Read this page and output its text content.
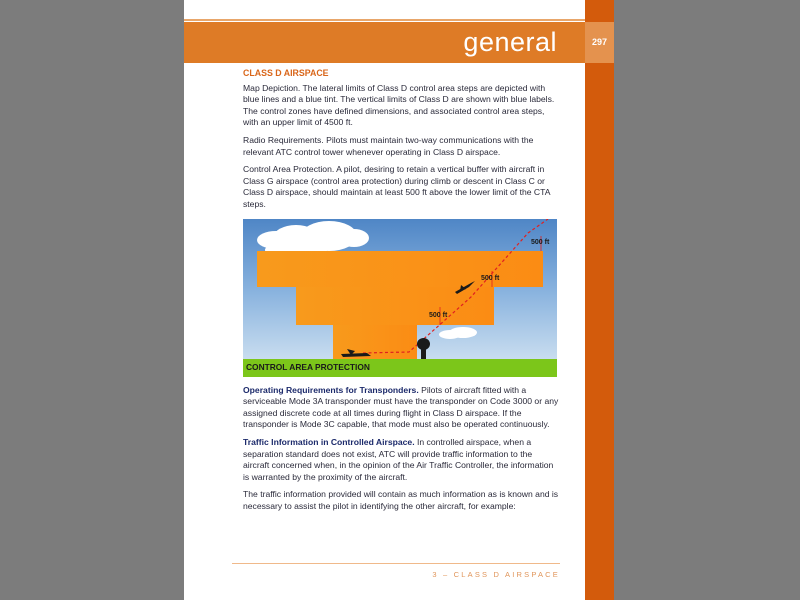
general	297
CLASS D AIRSPACE

Map Depiction. The lateral limits of Class D control area steps are depicted with blue lines and a blue tint. The vertical limits of Class D are shown with blue labels. The control zones have defined dimensions, and associated control area steps, with an upper limit of 4500 ft.

Radio Requirements. Pilots must maintain two-way communications with the relevant ATC control tower whenever operating in Class D airspace.

Control Area Protection. A pilot, desiring to retain a vertical buffer with aircraft in Class G airspace (control area protection) during climb or descent in Class C or Class D airspace, should maintain at least 500 ft above the lower limit of the CTA steps.

500 ft
500 ft
500 ft
CONTROL AREA PROTECTION

Operating Requirements for Transponders. Pilots of aircraft fitted with a serviceable Mode 3A transponder must have the transponder on Code 3000 or any assigned discrete code at all times during flight in Class D airspace. If the transponder is Mode 3C capable, that mode must also be operated continuously.

Traffic Information in Controlled Airspace. In controlled airspace, when a separation standard does not exist, ATC will provide traffic information to the aircraft concerned when, in the opinion of the Air Traffic Controller, the information is warranted by the proximity of the aircraft.

The traffic information provided will contain as much information as is known and is necessary to assist the pilot in identifying the other aircraft, for example:

3 – CLASS D AIRSPACE
